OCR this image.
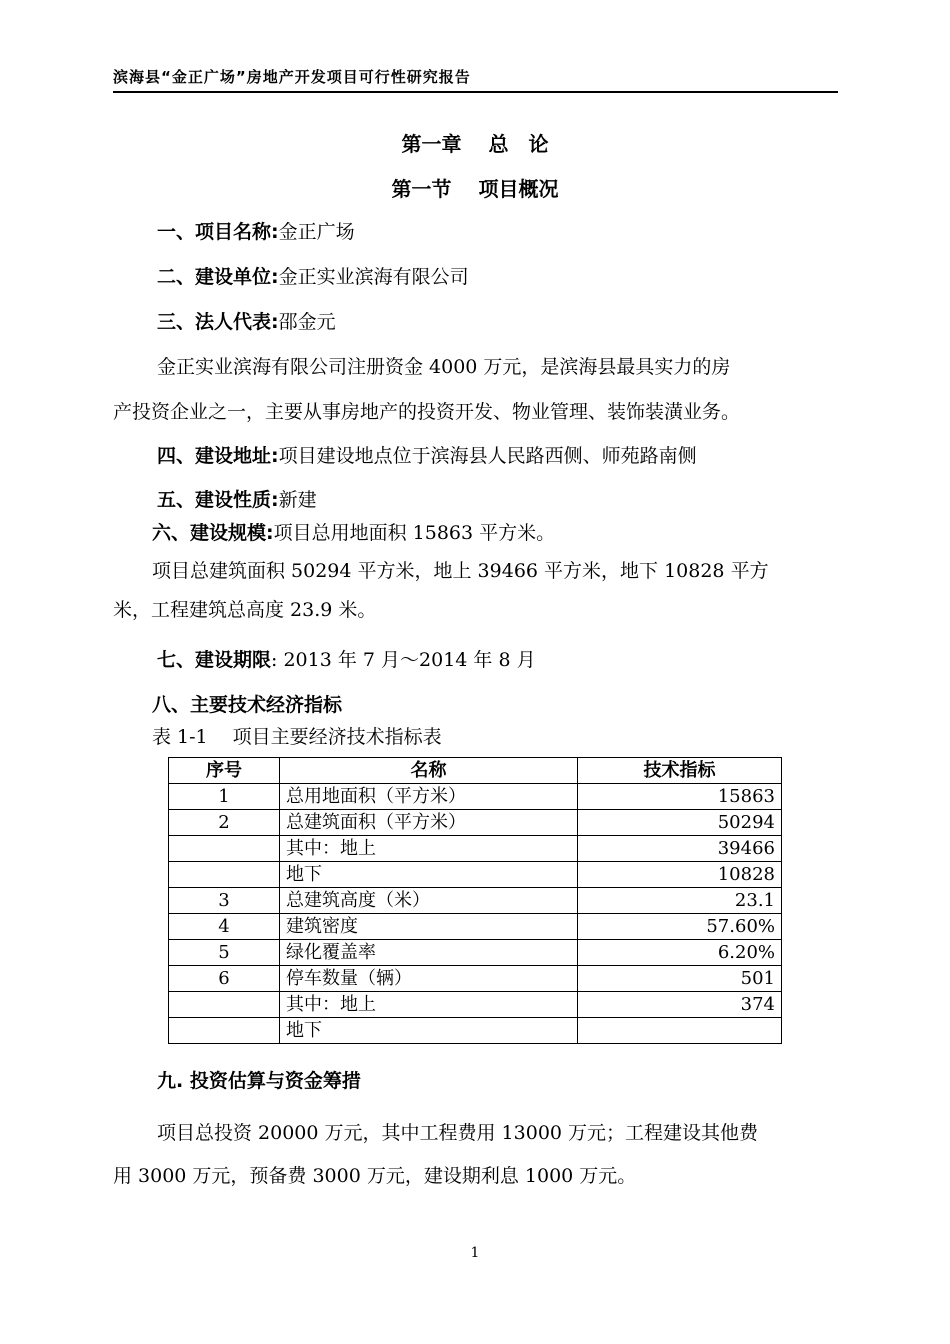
滨海县“金正广场”房地产开发项目可行性研究报告
第一章　 总　论
第一节　 项目概况
一、项目名称:金正广场
二、建设单位:金正实业滨海有限公司
三、法人代表:邵金元
金正实业滨海有限公司注册资金 4000 万元，是滨海县最具实力的房
产投资企业之一，主要从事房地产的投资开发、物业管理、装饰装潢业务。
四、建设地址:项目建设地点位于滨海县人民路西侧、师苑路南侧
五、建设性质:新建
六、建设规模:项目总用地面积 15863 平方米。
项目总建筑面积 50294 平方米，地上 39466 平方米，地下 10828 平方
米，工程建筑总高度 23.9 米。
七、建设期限: 2013 年 7 月～2014 年 8 月
八、主要技术经济指标
表 1-1　 项目主要经济技术指标表
序号	名称	技术指标
1	总用地面积（平方米）	15863
2	总建筑面积（平方米）	50294
	其中：地上	39466
	地下	10828
3	总建筑高度（米）	23.1
4	建筑密度	57.60%
5	绿化覆盖率	6.20%
6	停车数量（辆）	501
	其中：地上	374
	地下	
九. 投资估算与资金筹措
项目总投资 20000 万元，其中工程费用 13000 万元；工程建设其他费
用 3000 万元，预备费 3000 万元，建设期利息 1000 万元。
1
